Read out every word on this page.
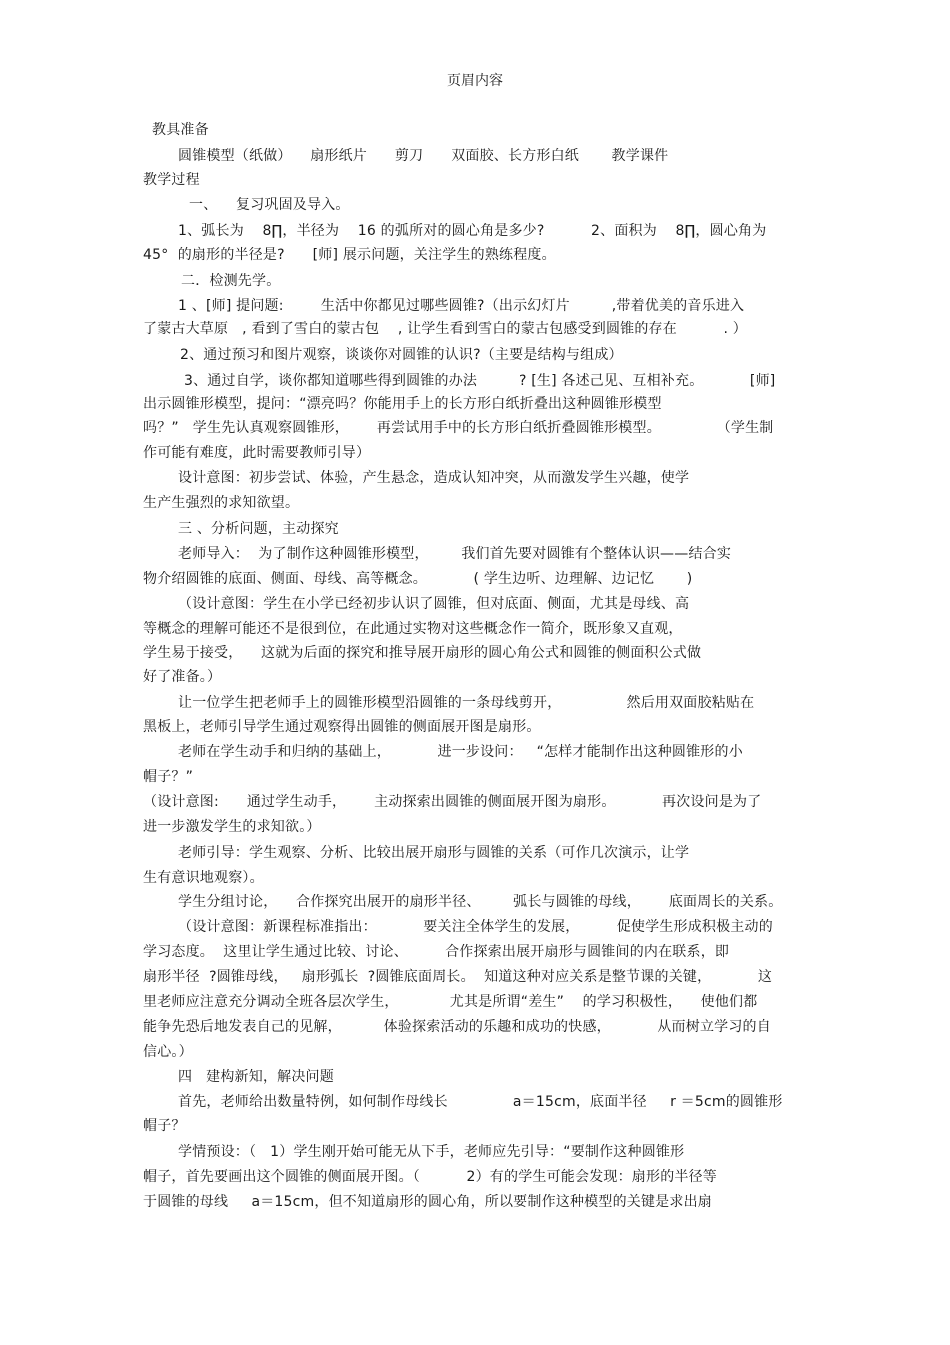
页眉内容
教具准备
圆锥模型（纸做）    扇形纸片      剪刀      双面胶、长方形白纸       教学课件
教学过程
一、    复习巩固及导入。
1、弧长为    8∏，半径为    16 的弧所对的圆心角是多少?          2、面积为    8∏，圆心角为
45°  的扇形的半径是?      [师] 展示问题，关注学生的熟练程度。
二．检测先学。
1 、[师] 提问题:        生活中你都见过哪些圆锥?（出示幻灯片         ,带着优美的音乐进入
了蒙古大草原   , 看到了雪白的蒙古包    , 让学生看到雪白的蒙古包感受到圆锥的存在          . ）
2、通过预习和图片观察，谈谈你对圆锥的认识?（主要是结构与组成）
3、通过自学，谈你都知道哪些得到圆锥的办法         ? [生] 各述己见、互相补充。          [师]
出示圆锥形模型，提问：“漂亮吗？你能用手上的长方形白纸折叠出这种圆锥形模型
吗？”   学生先认真观察圆锥形，      再尝试用手中的长方形白纸折叠圆锥形模型。            （学生制
作可能有难度，此时需要教师引导）
设计意图：初步尝试、体验，产生悬念，造成认知冲突，从而激发学生兴趣，使学
生产生强烈的求知欲望。
三 、分析问题，主动探究
老师导入：  为了制作这种圆锥形模型，       我们首先要对圆锥有个整体认识——结合实
物介绍圆锥的底面、侧面、母线、高等概念。          ( 学生边听、边理解、边记忆       )
（设计意图：学生在小学已经初步认识了圆锥，但对底面、侧面，尤其是母线、高
等概念的理解可能还不是很到位，在此通过实物对这些概念作一简介，既形象又直观，
学生易于接受，    这就为后面的探究和推导展开扇形的圆心角公式和圆锥的侧面积公式做
好了准备。）
让一位学生把老师手上的圆锥形模型沿圆锥的一条母线剪开，              然后用双面胶粘贴在
黑板上，老师引导学生通过观察得出圆锥的侧面展开图是扇形。
老师在学生动手和归纳的基础上，          进一步设问：   “怎样才能制作出这种圆锥形的小
帽子？”
（设计意图:      通过学生动手，      主动探索出圆锥的侧面展开图为扇形。          再次设问是为了
进一步激发学生的求知欲。）
老师引导：学生观察、分析、比较出展开扇形与圆锥的关系（可作几次演示，让学
生有意识地观察）。
学生分组讨论，    合作探究出展开的扇形半径、       弧长与圆锥的母线，      底面周长的关系。
（设计意图：新课程标准指出：          要关注全体学生的发展，        促使学生形成积极主动的
学习态度。  这里让学生通过比较、讨论、        合作探索出展开扇形与圆锥间的内在联系，即
扇形半径  ?圆锥母线，   扇形弧长  ?圆锥底面周长。  知道这种对应关系是整节课的关键，          这
里老师应注意充分调动全班各层次学生，           尤其是所谓“差生”    的学习积极性，    使他们都
能争先恐后地发表自己的见解，         体验探索活动的乐趣和成功的快感，          从而树立学习的自
信心。）
四   建构新知，解决问题
首先，老师给出数量特例，如何制作母线长              a＝15cm，底面半径     r ＝5cm的圆锥形
帽子？
学情预设：（   1）学生刚开始可能无从下手，老师应先引导：“要制作这种圆锥形
帽子，首先要画出这个圆锥的侧面展开图。（          2）有的学生可能会发现：扇形的半径等
于圆锥的母线     a＝15cm，但不知道扇形的圆心角，所以要制作这种模型的关键是求出扇
